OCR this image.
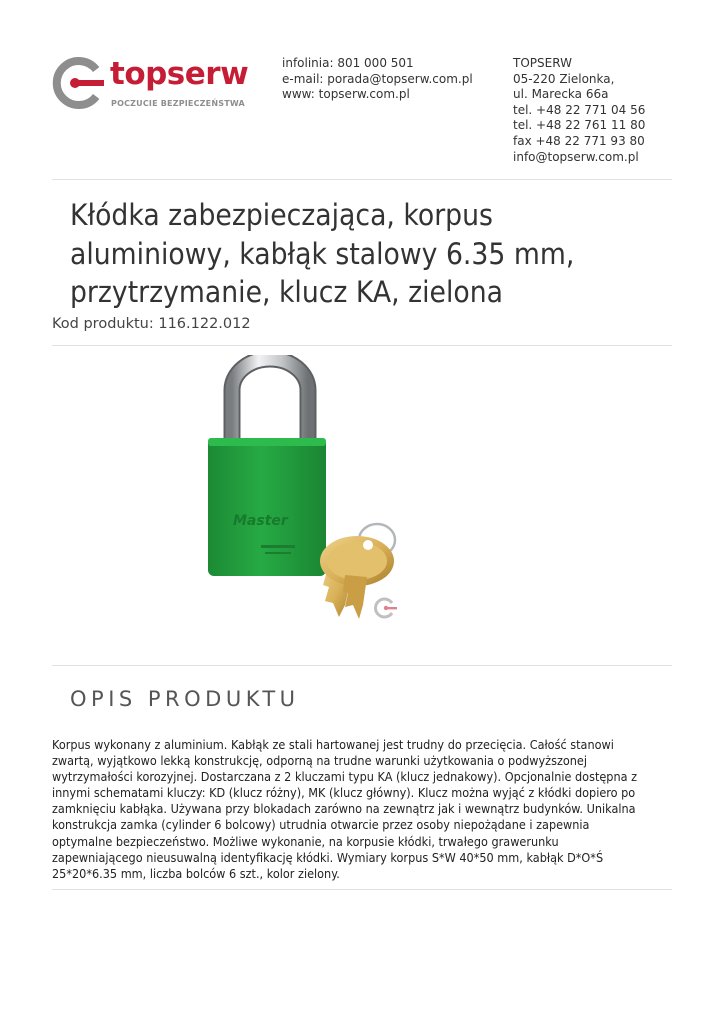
topserw
POCZUCIE BEZPIECZEŃSTWA
infolinia: 801 000 501
e-mail: porada@topserw.com.pl
www: topserw.com.pl
TOPSERW
05-220 Zielonka,
ul. Marecka 66a
tel. +48 22 771 04 56
tel. +48 22 761 11 80
fax +48 22 771 93 80
info@topserw.com.pl
Kłódka zabezpieczająca, korpus aluminiowy, kabłąk stalowy 6.35 mm, przytrzymanie, klucz KA, zielona
Kod produktu: 116.122.012
Master
OPIS PRODUKTU

Korpus wykonany z aluminium. Kabłąk ze stali hartowanej jest trudny do przecięcia. Całość stanowi zwartą, wyjątkowo lekką konstrukcję, odporną na trudne warunki użytkowania o podwyższonej wytrzymałości korozyjnej. Dostarczana z 2 kluczami typu KA (klucz jednakowy). Opcjonalnie dostępna z innymi schematami kluczy: KD (klucz różny), MK (klucz główny). Klucz można wyjąć z kłódki dopiero po zamknięciu kabłąka. Używana przy blokadach zarówno na zewnątrz jak i wewnątrz budynków. Unikalna konstrukcja zamka (cylinder 6 bolcowy) utrudnia otwarcie przez osoby niepożądane i zapewnia optymalne bezpieczeństwo. Możliwe wykonanie, na korpusie kłódki, trwałego grawerunku zapewniającego nieusuwalną identyfikację kłódki. Wymiary korpus S*W 40*50 mm, kabłąk D*O*Ś 25*20*6.35 mm, liczba bolców 6 szt., kolor zielony.
